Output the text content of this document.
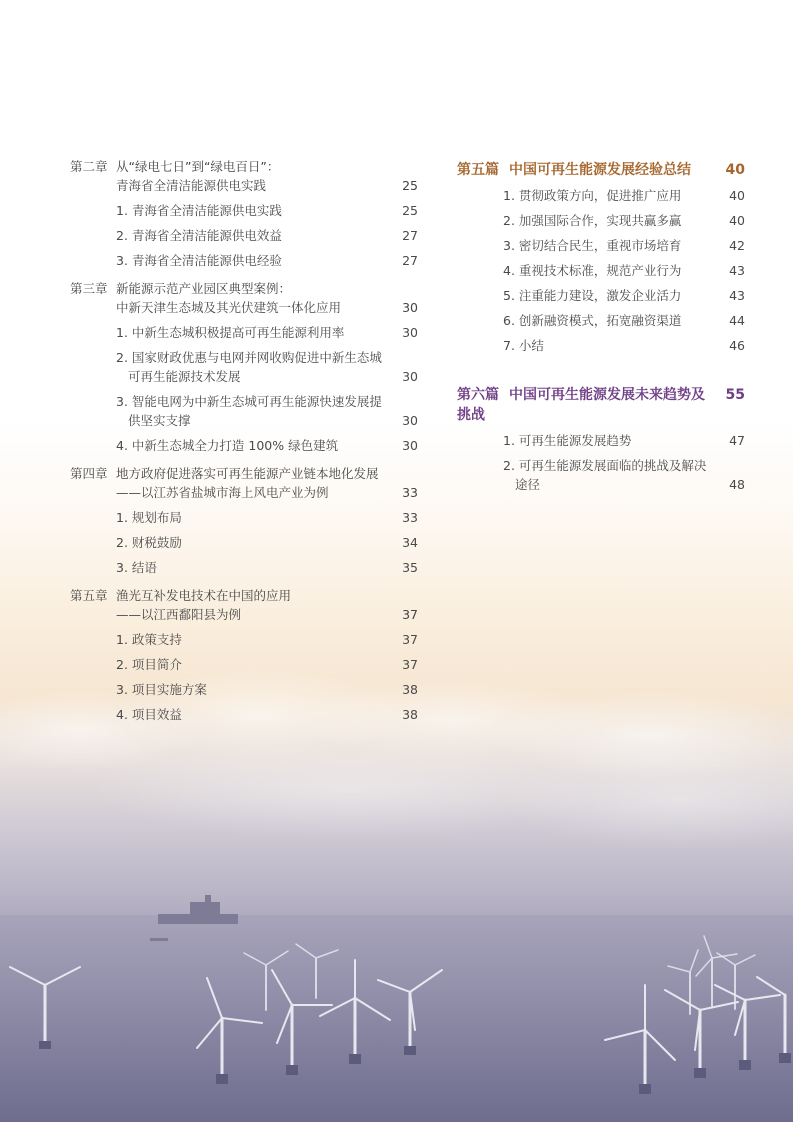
第二章 从“绿电七日”到“绿电百日”：
青海省全清洁能源供电实践	25
1. 青海省全清洁能源供电实践	25
2. 青海省全清洁能源供电效益	27
3. 青海省全清洁能源供电经验	27
第三章 新能源示范产业园区典型案例：
中新天津生态城及其光伏建筑一体化应用	30
1. 中新生态城积极提高可再生能源利用率	30
2. 国家财政优惠与电网并网收购促进中新生态城可再生能源技术发展	30
3. 智能电网为中新生态城可再生能源快速发展提供坚实支撑	30
4. 中新生态城全力打造 100% 绿色建筑	30
第四章 地方政府促进落实可再生能源产业链本地化发展
——以江苏省盐城市海上风电产业为例	33
1. 规划布局	33
2. 财税鼓励	34
3. 结语	35
第五章 渔光互补发电技术在中国的应用
——以江西鄱阳县为例	37
1. 政策支持	37
2. 项目简介	37
3. 项目实施方案	38
4. 项目效益	38
第五篇 中国可再生能源发展经验总结	40
1. 贯彻政策方向，促进推广应用	40
2. 加强国际合作，实现共赢多赢	40
3. 密切结合民生，重视市场培育	42
4. 重视技术标准，规范产业行为	43
5. 注重能力建设，激发企业活力	43
6. 创新融资模式，拓宽融资渠道	44
7. 小结	46
第六篇 中国可再生能源发展未来趋势及挑战
55
1. 可再生能源发展趋势	47
2. 可再生能源发展面临的挑战及解决途径	48
